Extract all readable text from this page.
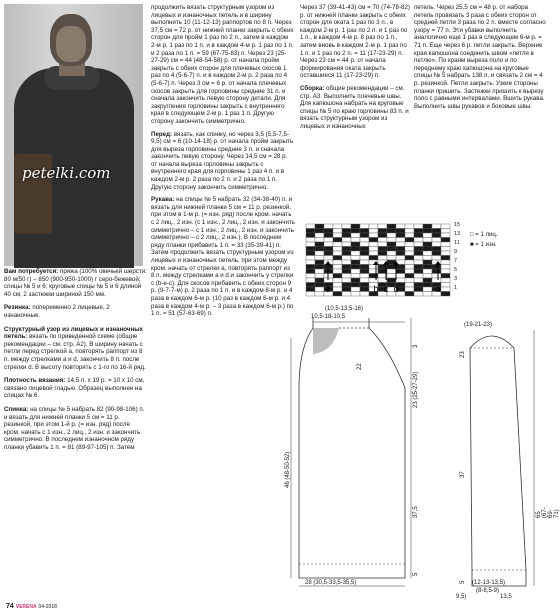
petelki.com

Вам потребуется: пряжа (100% овечьей шерсти; 80 м/50 г) – 850 (900-950-1000) г серо-бежевой; спицы № 5 и 6; круговые спицы № 5 и 6 длиной 40 см; 2 застежки шириной 150 мм.

Резинка: попеременно 2 лицевые, 2 изнаночные.

Структурный узор из лицевых и изнаночных петель: вязать по приведенной схеме (общие рекомендации – см. стр. А2). В ширину начать с петли перед стрелкой а, повторять раппорт из 8 п. между стрелками а и d, закончить 8 п. после стрелки d. В высоту повторять с 1-го по 16-й ряд.

Плотность вязания: 14,5 п. х 19 р. = 10 х 10 см, связано лицевой гладью. Образец выполнен на спицах № 6.

Спинка: на спицы № 5 набрать 82 (90-98-106) п. и вязать для нижней планки 5 см = 11 р. резинкой, при этом 1-й р. (= изн. ряд) после кром. начать с 1 изн., 2 лиц., 2 изн. и закончить симметрично. В последнем изнаночном ряду планки убавить 1 п. = 81 (89-97-105) п. Затем

продолжить вязать структурным узором из лицевых и изнаночных петель и в ширину выполнить 10 (11-12-13) раппортов по 8 п. Через 37,5 см = 72 р. от нижней планки закрыть с обеих сторон для пройм 1 раз по 2 п., затем в каждом 2-м р. 1 раз по 1 п. и в каждом 4-м р. 1 раз по 1 п. и 2 раза по 1 п. = 59 (67-75-83) п. Через 23 (25-27-29) см = 44 (48-54-58) р. от начала пройм закрыть с обеих сторон для плечевых скосов 1 раз по 4 (5-6-7) п. и в каждом 2-м р. 2 раза по 4 (5-6-7) п. Через 3 см = 6 р. от начала плечевых скосов закрыть для горловины средние 31 п. и сначала закончить левую сторону детали. Для закругления горловины закрыть с внутреннего края в следующем 2-м р. 1 раз 1 п. Другую сторону закончить симметрично.

Перед: вязать, как спинку, но через 3,5 (5,5-7,5-9,5) см = 6 (10-14-18) р. от начала пройм закрыть для выреза горловины средние 3 п. и сначала закончить левую сторону. Через 14,5 см = 28 р. от начала выреза горловины закрыть с внутреннего края для горловины 1 раз 4 п. и в каждом 2-м р. 2 раза по 2 п. и 2 раза по 1 п. Другую сторону закончить симметрично.

Рукава: на спицы № 5 набрать 32 (34-38-40) п. и вязать для нижней планки 5 см = 11 р. резинкой, при этом в 1-м р. (= изн. ряд) после кром. начать с 2 лиц., 2 изн. (с 1 изн., 2 лиц., 2 изн. и закончить симметрично – с 1 изн., 2 лиц., 2 изн. и закончить симметрично – с 2 лиц., 2 изн.). В последнем ряду планки прибавить 1 п. = 33 (35-39-41) п. Затем продолжить вязать структурным узором из лицевых и изнаночных петель, при этом между кром. начать от стрелки а, повторять раппорт из 8 п. между стрелками а и d и закончить у стрелки с (b-e-c). Для скосов прибавить с обеих сторон 9 р. (9-7-7-м) р. 2 раза по 1 п. и в каждом 8-м р. и 4 раза в каждом 6-м р. (10 раз в каждом 6-м р. и 4 раза в каждом 4-м р. – 3 раза в каждом 6-м р.) по 1 п. = 51 (57-63-69) п.

Через 37 (39-41-43) см = 70 (74-78-82) р. от нижней планки закрыть с обеих сторон для оката 1 раз по 3 п., в каждом 2-м р. 1 раз по 2 п. и 1 раз по 1 п., в каждом 4-м р. 8 раз по 1 п., затем вновь в каждом 2-м р. 1 раз по 1 п. и 1 раз по 2 п. = 11 (17-23-29) п. Через 23 см = 44 р. от начала формирования оката закрыть оставшиеся 11 (17-23-29) п.

Сборка: общие рекомендации – см. стр. А3. Выполнить плечевые швы. Для капюшона набрать на круговые спицы № 5 по краю горловины 83 п. и вязать структурным узором из лицевых и изнаночных

петель. Через 25,5 см = 48 р. от набора петель провязать 3 раза с обеих сторон от средней петли 3 раза по 2 п. вместе согласно узору = 77 п. Эти убавки выполнить аналогично еще 1 раз в следующем 6-м р. = 71 п. Еще через 6 р. петли закрыть. Верхние края капюшона соединить швом «петля в петлю». По краям выреза поло и по переднему краю капюшона на круговые спицы № 5 набрать 138 п. и связать 2 см = 4 р. резинкой. Петли закрыть. Узкие стороны планки пришить. Застежки пришить к вырезу поло с равными интервалами. Вшить рукава. Выполнить швы рукавов и боковые швы.

15
13
11
9
7
5
3
1
e	b c d	a
□ = 1 лиц.
■ = 1 изн.
10,5-18-10,5
(10,5-13,5-16)
3
23 (25-27-29)
37,5
5
46 (48-50-52)
28 (30,5-33,5-35,5)
22
(19-21-23)
65 (67-69-71)
23
37
5 (12-13-13,5)
(8-8,5-9)
9,5)	13,5
74 VERENA 04-2018
